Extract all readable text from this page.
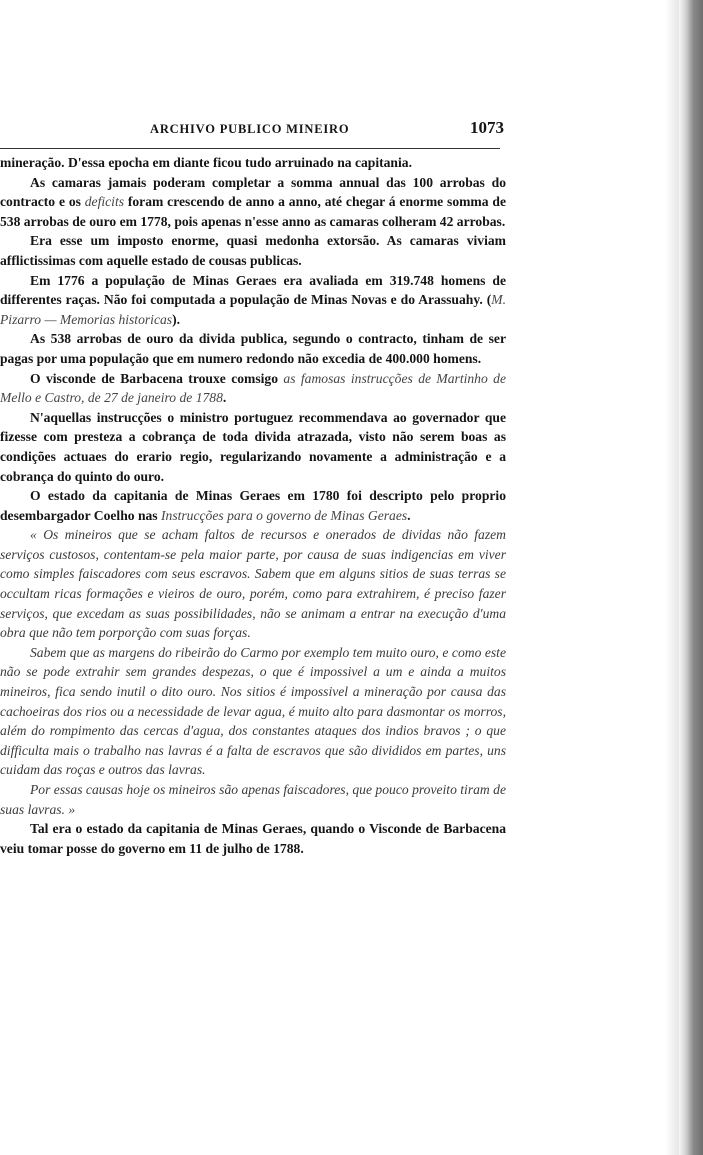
ARCHIVO PUBLICO MINEIRO	1073

mineração. D'essa epocha em diante ficou tudo arruinado na capitania.

As camaras jamais poderam completar a somma annual das 100 arrobas do contracto e os deficits foram crescendo de anno a anno, até chegar á enorme somma de 538 arrobas de ouro em 1778, pois apenas n'esse anno as camaras colheram 42 arrobas.

Era esse um imposto enorme, quasi medonha extorsão. As camaras viviam afflictissimas com aquelle estado de cousas publicas.

Em 1776 a população de Minas Geraes era avaliada em 319.748 homens de differentes raças. Não foi computada a população de Minas Novas e do Arassuahy. (M. Pizarro — Memorias historicas).

As 538 arrobas de ouro da divida publica, segundo o contracto, tinham de ser pagas por uma população que em numero redondo não excedia de 400.000 homens.

O visconde de Barbacena trouxe comsigo as famosas instrucções de Martinho de Mello e Castro, de 27 de janeiro de 1788.

N'aquellas instrucções o ministro portuguez recommendava ao governador que fizesse com presteza a cobrança de toda divida atrazada, visto não serem boas as condições actuaes do erario regio, regularizando novamente a administração e a cobrança do quinto do ouro.

O estado da capitania de Minas Geraes em 1780 foi descripto pelo proprio desembargador Coelho nas Instrucções para o governo de Minas Geraes.

« Os mineiros que se acham faltos de recursos e onerados de dividas não fazem serviços custosos, contentam-se pela maior parte, por causa de suas indigencias em viver como simples faiscadores com seus escravos. Sabem que em alguns sitios de suas terras se occultam ricas formações e vieiros de ouro, porém, como para extrahirem, é preciso fazer serviços, que excedam as suas possibilidades, não se animam a entrar na execução d'uma obra que não tem porporção com suas forças.

Sabem que as margens do ribeirão do Carmo por exemplo tem muito ouro, e como este não se pode extrahir sem grandes despezas, o que é impossivel a um e ainda a muitos mineiros, fica sendo inutil o dito ouro. Nos sitios é impossivel a mineração por causa das cachoeiras dos rios ou a necessidade de levar agua, é muito alto para dasmontar os morros, além do rompimento das cercas d'agua, dos constantes ataques dos indios bravos ; o que difficulta mais o trabalho nas lavras é a falta de escravos que são divididos em partes, uns cuidam das roças e outros das lavras.

Por essas causas hoje os mineiros são apenas faiscadores, que pouco proveito tiram de suas lavras. »

Tal era o estado da capitania de Minas Geraes, quando o Visconde de Barbacena veiu tomar posse do governo em 11 de julho de 1788.
